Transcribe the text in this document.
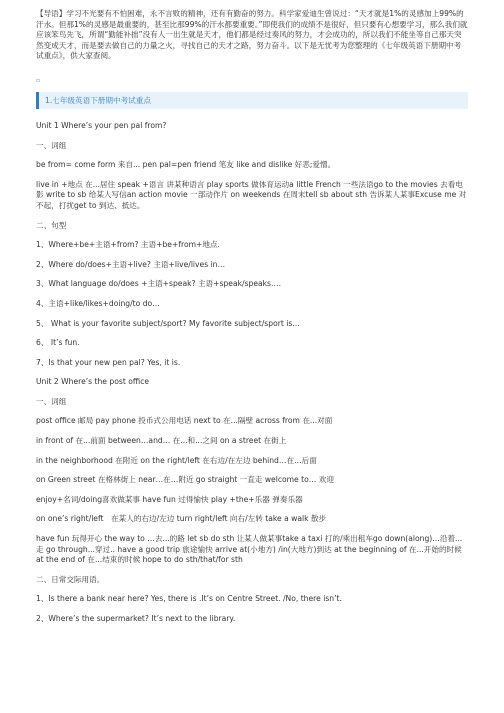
【导语】学习不光要有不怕困难，永不言败的精神，还有有勤奋的努力。科学家爱迪生曾说过：“天才就是1%的灵感加上99%的汗水。但那1%的灵感是最重要的，甚至比那99%的汗水都要重要。”即使我们的成绩不是很好，但只要有心想要学习，那么我们就应该笨鸟先飞，所谓“勤能补拙”没有人一出生就是天才，他们都是经过奏风的努力，才会成功的，所以我们不能坐等自己那天突然变成天才，而是要去做自己的力量之火，寻找自己的天才之路，努力奋斗。以下是无忧考为您整理的《七年级英语下册期中考试重点》，供大家查阅。
▫
1.七年级英语下册期中考试重点

Unit 1 Where’s your pen pal from?

一、词组

be from= come form 来自... pen pal=pen friend 笔友 like and dislike 好恶;爱憎。

live in +地点 在...居住 speak +语言 讲某种语言 play sports 做体育运动a little French 一些法语go to the movies 去看电影 write to sb 给某人写信an action movie 一部动作片 on weekends 在周末tell sb about sth 告诉某人某事Excuse me 对不起，打扰get to 到达、抵达。

二、句型

1、Where+be+主语+from? 主语+be+from+地点.

2、Where do/does+主语+live? 主语+live/lives in…

3、What language do/does +主语+speak? 主语+speak/speaks….

4、主语+like/likes+doing/to do…

5、 What is your favorite subject/sport? My favorite subject/sport is…

6、 It’s fun.

7、Is that your new pen pal? Yes, it is.

Unit 2 Where’s the post office

一、词组

post office 邮局 pay phone 投币式公用电话 next to 在...隔壁 across from 在...对面

in front of 在...前面 between…and… 在...和...之间 on a street 在街上

in the neighborhood 在附近 on the right/left 在右边/在左边 behind…在…后面

on Green street 在格林街上 near…在…附近 go straight 一直走 welcome to… 欢迎

enjoy+名词/doing喜欢做某事 have fun 过得愉快 play +the+乐器 弹奏乐器

on one’s right/left　在某人的右边/左边 turn right/left 向右/左转 take a walk 散步

have fun 玩得开心 the way to …去...的路 let sb do sth 让某人做某事take a taxi 打的/乘出租车go down(along)…沿着...走 go through...穿过.. have a good trip 旅途愉快 arrive at(小地方) /in(大地方)到达 at the beginning of 在...开始的时候 at the end of 在...结束的时候 hope to do sth/that/for sth

二、日常交际用语。

1、Is there a bank near here? Yes, there is .It’s on Centre Street. /No, there isn’t.

2、Where’s the supermarket? It’s next to the library.
